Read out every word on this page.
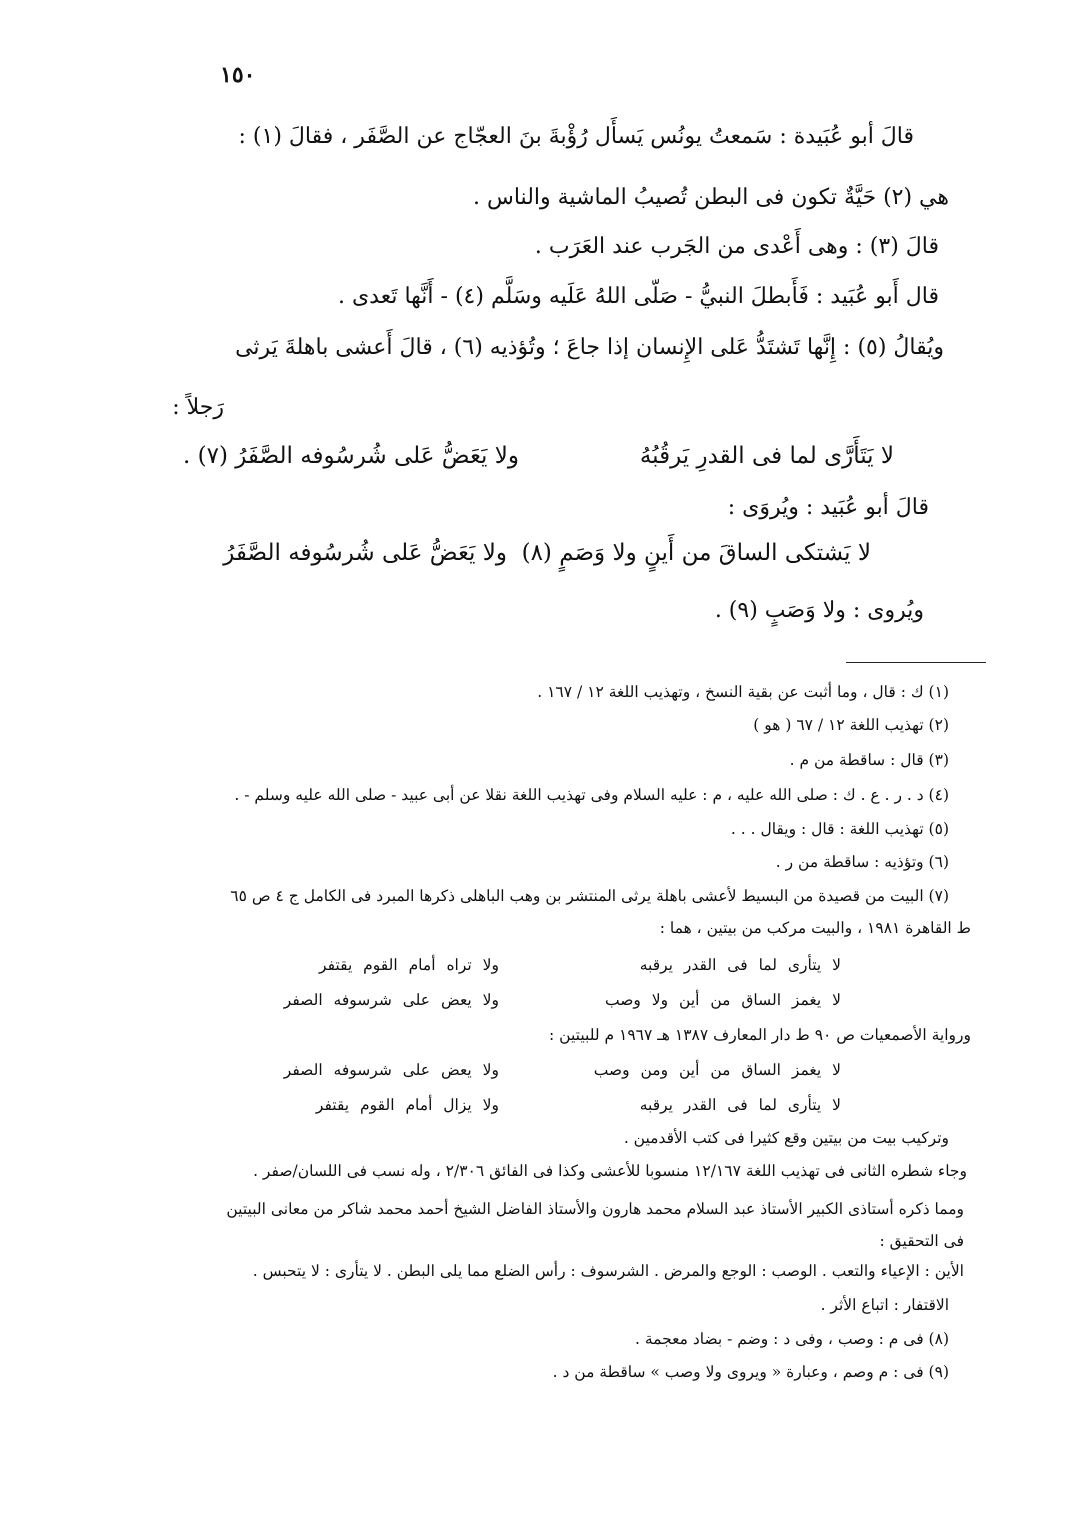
١٥٠
قالَ أبو عُبَيدة : سَمعتُ يونُس يَسأَل رُؤْبةَ بنَ العجّاج عن الصَّفَر ، فقالَ (١) :
هي (٢) حَيَّةٌ تكون فى البطن تُصيبُ الماشية والناس .
قالَ (٣) : وهى أَعْدى من الجَرب عند العَرَب .
قال أَبو عُبَيد : فَأَبطلَ النبيُّ - صَلّى اللهُ عَلَيه وسَلَّم (٤) - أَنَّها تَعدى .
ويُقالُ (٥) : إِنَّها تَشتَدُّ عَلى الإِنسان إذا جاعَ ؛ وتُؤذيه (٦) ، قالَ أَعشى باهلةَ يَرثى
رَجلاً :
لا يَتَأَرَّى لما فى القدرِ يَرقُبُهُ
ولا يَعَضُّ عَلى شُرسُوفه الصَّفَرُ (٧) .
قالَ أبو عُبَيد : ويُروَى :
لا يَشتكى الساقَ من أَينٍ ولا وَصَمٍ (٨)
ولا يَعَضُّ عَلى شُرسُوفه الصَّفَرُ
ويُروى : ولا وَصَبٍ (٩) .
(١) ك : قال ، وما أثبت عن بقية النسخ ، وتهذيب اللغة ١٢ / ١٦٧ .
(٢) تهذيب اللغة ١٢ / ٦٧ ( هو )
(٣) قال : ساقطة من م .
(٤) د . ر . ع . ك : صلى الله عليه ، م : عليه السلام وفى تهذيب اللغة نقلا عن أبى عبيد - صلى الله عليه وسلم - .
(٥) تهذيب اللغة : قال : ويقال . . .
(٦) وتؤذيه : ساقطة من ر .
(٧) البيت من قصيدة من البسيط لأعشى باهلة يرثى المنتشر بن وهب الباهلى ذكرها المبرد فى الكامل ج ٤ ص ٦٥
ط القاهرة ١٩٨١ ، والبيت مركب من بيتين ، هما :
لا يتأرى لما فى القدر يرقبه
ولا تراه أمام القوم يقتفر
لا يغمز الساق من أين ولا وصب
ولا يعض على شرسوفه الصفر
ورواية الأصمعيات ص ٩٠ ط دار المعارف ١٣٨٧ هـ ١٩٦٧ م للبيتين :
لا يغمز الساق من أين ومن وصب
ولا يعض على شرسوفه الصفر
لا يتأرى لما فى القدر يرقبه
ولا يزال أمام القوم يقتفر
وتركيب بيت من بيتين وقع كثيرا فى كتب الأقدمين .
وجاء شطره الثانى فى تهذيب اللغة ١٢/١٦٧ منسوبا للأعشى وكذا فى الفائق ٢/٣٠٦ ، وله نسب فى اللسان/صفر .
ومما ذكره أستاذى الكبير الأستاذ عبد السلام محمد هارون والأستاذ الفاضل الشيخ أحمد محمد شاكر من معانى البيتين
فى التحقيق :
الأين : الإعياء والتعب . الوصب : الوجع والمرض . الشرسوف : رأس الضلع مما يلى البطن . لا يتأرى : لا يتحبس .
الاقتفار : اتباع الأثر .
(٨) فى م : وصب ، وفى د : وضم - بضاد معجمة .
(٩) فى : م وصم ، وعبارة « ويروى ولا وصب » ساقطة من د .
